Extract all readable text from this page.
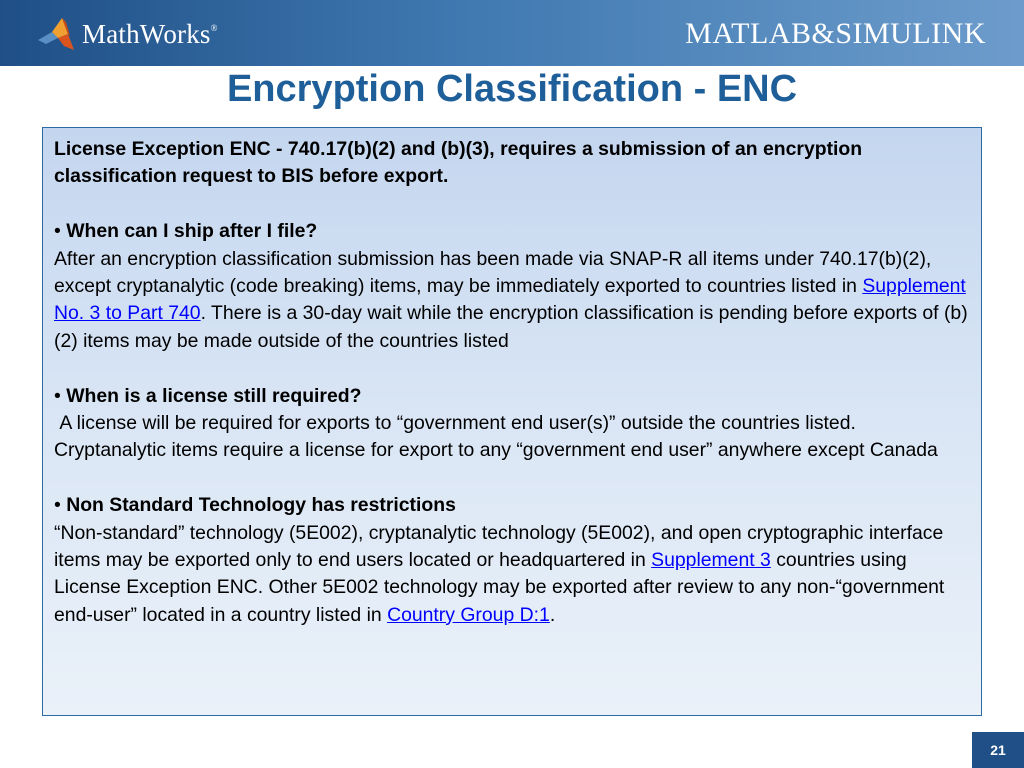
MathWorks®	MATLAB&SIMULINK
Encryption Classification - ENC

License Exception ENC - 740.17(b)(2) and (b)(3), requires a submission of an encryption classification request to BIS before export.

• When can I ship after I file?

After an encryption classification submission has been made via SNAP-R all items under 740.17(b)(2), except cryptanalytic (code breaking) items, may be immediately exported to countries listed in Supplement No. 3 to Part 740. There is a 30-day wait while the encryption classification is pending before exports of (b)(2) items may be made outside of the countries listed

• When is a license still required?

A license will be required for exports to “government end user(s)” outside the countries listed. Cryptanalytic items require a license for export to any “government end user” anywhere except Canada

• Non Standard Technology has restrictions

“Non-standard” technology (5E002), cryptanalytic technology (5E002), and open cryptographic interface items may be exported only to end users located or headquartered in Supplement 3 countries using License Exception ENC. Other 5E002 technology may be exported after review to any non-“government end-user” located in a country listed in Country Group D:1.

21
